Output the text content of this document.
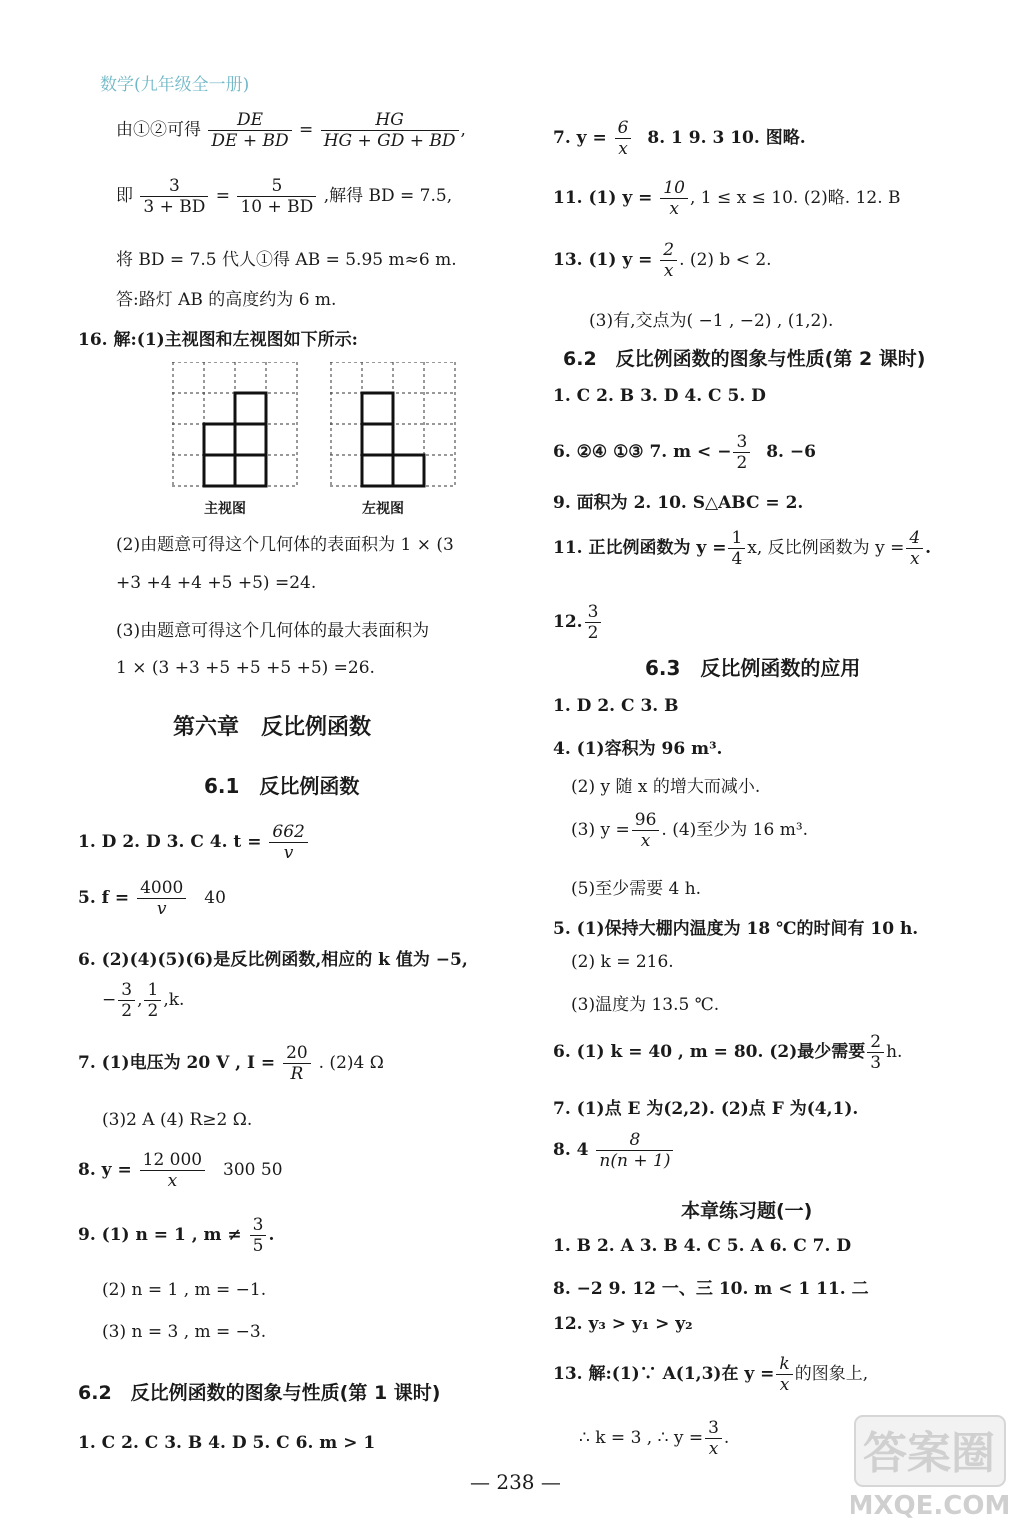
数学(九年级全一册)
由①②可得 $\frac{DE}{DE + BD} = \frac{HG}{HG + GD + BD}$ ,
即 $\frac{3}{3 + BD} = \frac{5}{10 + BD}$ ,解得 BD = 7.5,
将 BD = 7.5 代人①得 AB = 5.95 m≈6 m.
答:路灯 AB 的高度约为 6 m.
16. 解:(1)主视图和左视图如下所示:
主视图	左视图
(2)由题意可得这个几何体的表面积为 1 × (3
+3 +4 +4 +5 +5) =24.
(3)由题意可得这个几何体的最大表面积为
1 × (3 +3 +5 +5 +5 +5) =26.
第六章　反比例函数
6.1　反比例函数
1. D 2. D 3. C 4. $t = \frac{662}{v}$
5. $f = \frac{4000}{v} 40$
6. (2)(4)(5)(6)是反比例函数,相应的 k 值为 −5,
− $\frac{3}{2}$ , $\frac{1}{2} ,k$.
7. (1)电压为 20 V , $I = \frac{20}{R}$ . (2)4 Ω
(3)2 A (4) R≥2 Ω.
8. $y = \frac{12 000}{x} 300$ 50
9. (1) n = 1 , $m \ne \frac{3}{5}$ .
(2) n = 1 , m = −1.
(3) n = 3 , m = −3.
6.2　反比例函数的图象与性质(第 1 课时)
1. C 2. C 3. B 4. D 5. C 6. m > 1
7. $y = \frac{6}{x} 8$. 1 9. 3 10. 图略.
11. (1) $y = \frac{10}{x}$ , 1 ≤ x ≤ 10. (2)略. 12. B
13. (1) $y = \frac{2}{x}$ . (2) b < 2.
(3)有,交点为( −1 , −2) , (1,2).
6.2　反比例函数的图象与性质(第 2 课时)
1. C 2. B 3. D 4. C 5. D
6. ②④ ①③ 7. m < − $\frac{3}{2} 8$. −6
9. 面积为 2. 10. S△ABC = 2.
11. 正比例函数为 $y = \frac{1}{4} x$, 反比例函数为 $y = \frac{4}{x}$ .
12. $\frac{3}{2}$
6.3　反比例函数的应用
1. D 2. C 3. B
4. (1)容积为 96 m³.
(2) y 随 x 的增大而减小.
(3) $y = \frac{96}{x}$ . (4)至少为 16 m³.
(5)至少需要 4 h.
5. (1)保持大棚内温度为 18 ℃的时间有 10 h.
(2) k = 216.
(3)温度为 13.5 ℃.
6. (1) k = 40 , m = 80. (2)最少需要 $\frac{2}{3} h$.
7. (1)点 E 为(2,2). (2)点 F 为(4,1).
8. $4 \frac{8}{n(n + 1)}$
本章练习题(一)
1. B 2. A 3. B 4. C 5. A 6. C 7. D
8. −2 9. 12 一、三 10. m < 1 11. 二
12. y₃ > y₁ > y₂
13. 解:(1)∵ A(1,3)在 $y = \frac{k}{x}$ 的图象上,
∴ k = 3 , ∴ $y = \frac{3}{x}$ .
— 238 —
答案圈
MXQE.COM
